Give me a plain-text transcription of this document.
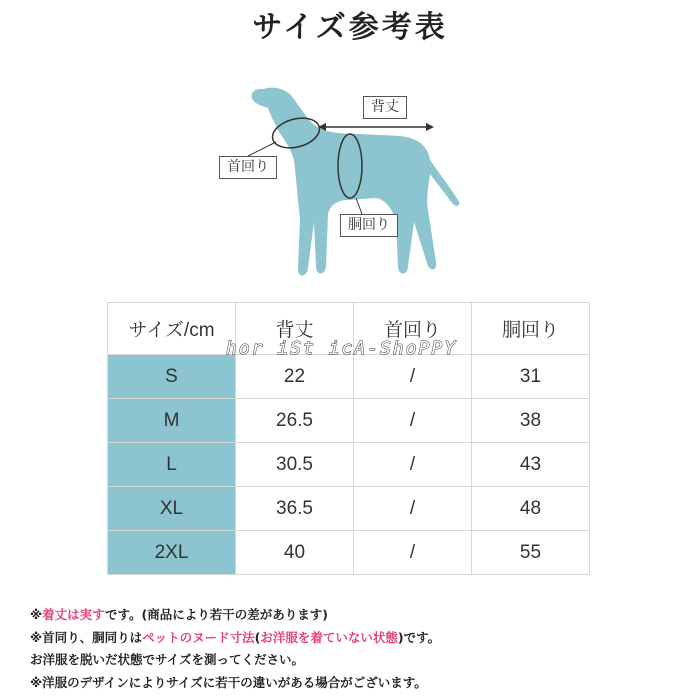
サイズ参考表
背丈
首回り
胴回り
サイズ/cm	背丈	首回り	胴回り
S	22	/	31
M	26.5	/	38
L	30.5	/	43
XL	36.5	/	48
2XL	40	/	55
hor iSt icA-ShoPPY
※着丈は実すです。(商品により若干の差があります)
※首同り、胴同りはペットのヌード寸法(お洋服を着ていない状態)です。
お洋服を脱いだ状態でサイズを測ってください。
※洋服のデザインによりサイズに若干の違いがある場合がございます。
